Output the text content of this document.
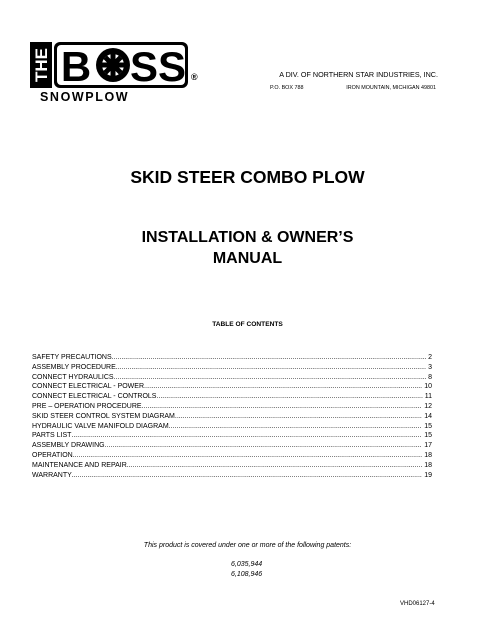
THE B SS ®
SNOWPLOW
A DIV. OF NORTHERN STAR INDUSTRIES, INC.
P.O. BOX 788	IRON MOUNTAIN, MICHIGAN 49801
SKID STEER COMBO PLOW
INSTALLATION & OWNER’S
MANUAL
TABLE OF CONTENTS
SAFETY PRECAUTIONS .....	2
ASSEMBLY PROCEDURE .....	3
CONNECT HYDRAULICS .....	8
CONNECT ELECTRICAL - POWER .....	10
CONNECT ELECTRICAL - CONTROLS .....	11
PRE – OPERATION PROCEDURE .....	12
SKID STEER CONTROL SYSTEM DIAGRAM .....	14
HYDRAULIC VALVE MANIFOLD DIAGRAM .....	15
PARTS LIST .....	15
ASSEMBLY DRAWING .....	17
OPERATION .....	18
MAINTENANCE AND REPAIR .....	18
WARRANTY .....	19
This product is covered under one or more of the following patents:
6,035,944
6,108,946
VHD06127-4
